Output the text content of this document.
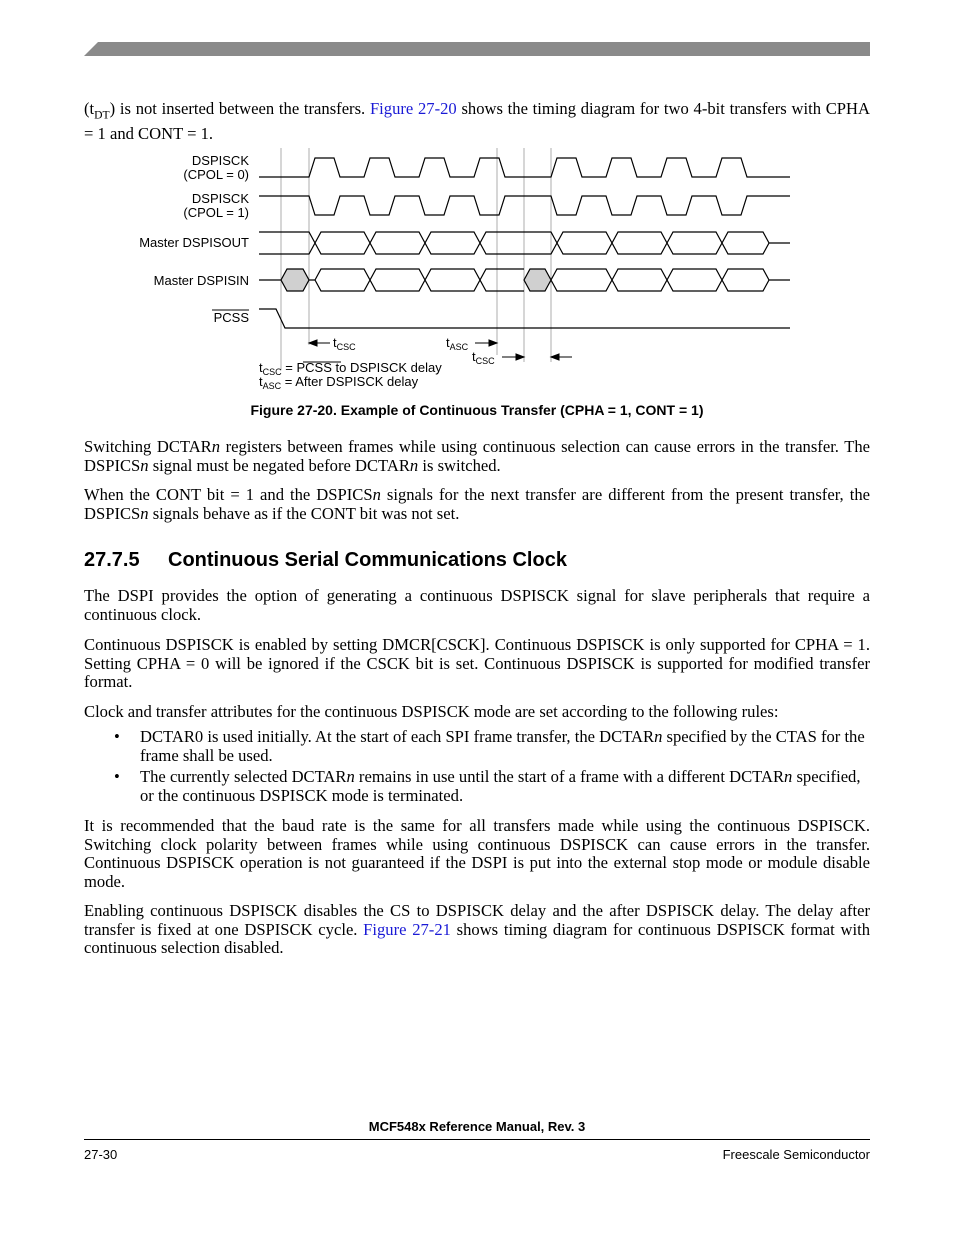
$(t_{DT})$ is not inserted between the transfers. Figure 27-20 shows the timing diagram for two 4-bit transfers with CPHA = 1 and CONT = 1.
DSPISCK
(CPOL = 0)
DSPISCK
(CPOL = 1)
Master DSPISOUT
Master DSPISIN
PCSS
$t_{CSC}$	$t_{ASC}$
$t_{CSC}$
$t_{CSC}$ = PCSS to DSPISCK delay
$t_{ASC}$ = After DSPISCK delay
Figure 27-20. Example of Continuous Transfer (CPHA = 1, CONT = 1)
Switching DCTARn registers between frames while using continuous selection can cause errors in the transfer. The DSPICSn signal must be negated before DCTARn is switched.
When the CONT bit = 1 and the DSPICSn signals for the next transfer are different from the present transfer, the DSPICSn signals behave as if the CONT bit was not set.
27.7.5 Continuous Serial Communications Clock
The DSPI provides the option of generating a continuous DSPISCK signal for slave peripherals that require a continuous clock.
Continuous DSPISCK is enabled by setting DMCR[CSCK]. Continuous DSPISCK is only supported for CPHA = 1. Setting CPHA = 0 will be ignored if the CSCK bit is set. Continuous DSPISCK is supported for modified transfer format.
Clock and transfer attributes for the continuous DSPISCK mode are set according to the following rules:
• DCTAR0 is used initially. At the start of each SPI frame transfer, the DCTARn specified by the CTAS for the frame shall be used.
• The currently selected DCTARn remains in use until the start of a frame with a different DCTARn specified, or the continuous DSPISCK mode is terminated.
It is recommended that the baud rate is the same for all transfers made while using the continuous DSPISCK. Switching clock polarity between frames while using continuous DSPISCK can cause errors in the transfer. Continuous DSPISCK operation is not guaranteed if the DSPI is put into the external stop mode or module disable mode.
Enabling continuous DSPISCK disables the CS to DSPISCK delay and the after DSPISCK delay. The delay after transfer is fixed at one DSPISCK cycle. Figure 27-21 shows timing diagram for continuous DSPISCK format with continuous selection disabled.
MCF548x Reference Manual, Rev. 3
27-30	Freescale Semiconductor
